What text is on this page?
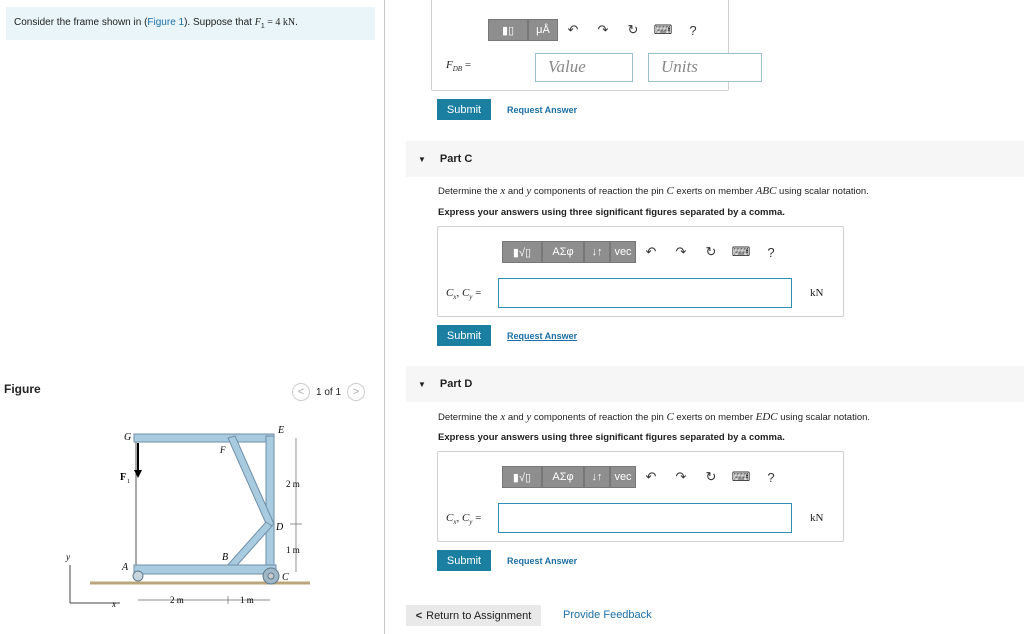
Consider the frame shown in (Figure 1). Suppose that $F_1 = 4$ kN.
Figure	<	1 of 1	>
G
E
F
F 1
D
B
A
C
2 m
1 m
2 m	1 m
x
y
▮▯	μÅ	↶	↷	↻	⌨	?
$F_{DB}$ =	Value	Units
Submit	Request Answer
▼ Part C
Determine the x and y components of reaction the pin C exerts on member ABC using scalar notation.
Express your answers using three significant figures separated by a comma.
▮√▯	ΑΣφ	↓↑	vec	↶	↷	↻	⌨	?
$C_x$, $C_y$ =	kN
Submit	Request Answer
▼ Part D
Determine the x and y components of reaction the pin C exerts on member EDC using scalar notation.
Express your answers using three significant figures separated by a comma.
▮√▯	ΑΣφ	↓↑	vec	↶	↷	↻	⌨	?
$C_x$, $C_y$ =	kN
Submit	Request Answer
< Return to Assignment	Provide Feedback
